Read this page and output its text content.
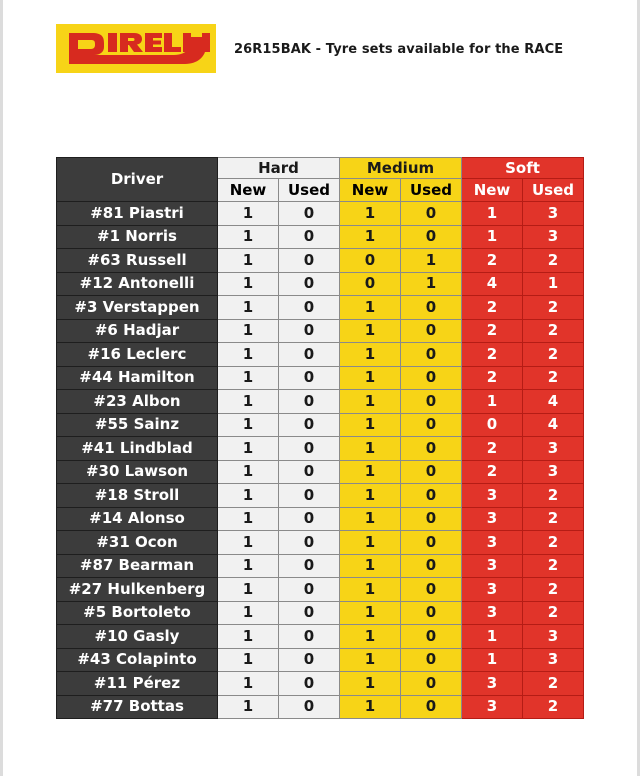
26R15BAK - Tyre sets available for the RACE
Driver	Hard		Medium		Soft	
	New	Used	New	Used	New	Used
#81 Piastri	1	0	1	0	1	3
#1 Norris	1	0	1	0	1	3
#63 Russell	1	0	0	1	2	2
#12 Antonelli	1	0	0	1	4	1
#3 Verstappen	1	0	1	0	2	2
#6 Hadjar	1	0	1	0	2	2
#16 Leclerc	1	0	1	0	2	2
#44 Hamilton	1	0	1	0	2	2
#23 Albon	1	0	1	0	1	4
#55 Sainz	1	0	1	0	0	4
#41 Lindblad	1	0	1	0	2	3
#30 Lawson	1	0	1	0	2	3
#18 Stroll	1	0	1	0	3	2
#14 Alonso	1	0	1	0	3	2
#31 Ocon	1	0	1	0	3	2
#87 Bearman	1	0	1	0	3	2
#27 Hulkenberg	1	0	1	0	3	2
#5 Bortoleto	1	0	1	0	3	2
#10 Gasly	1	0	1	0	1	3
#43 Colapinto	1	0	1	0	1	3
#11 Pérez	1	0	1	0	3	2
#77 Bottas	1	0	1	0	3	2
